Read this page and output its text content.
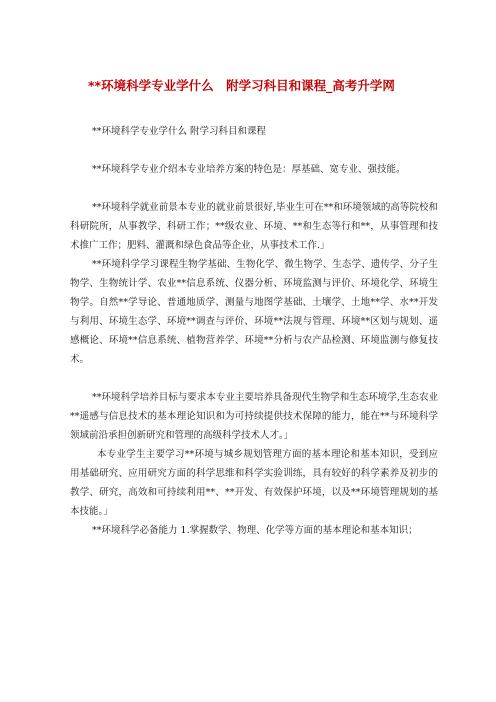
**环境科学专业学什么　附学习科目和课程_高考升学网

**环境科学专业学什么 附学习科目和课程

**环境科学专业介绍本专业培养方案的特色是：厚基础、宽专业、强技能。

**环境科学就业前景本专业的就业前景很好,毕业生可在**和环境领域的高等院校和科研院所，从事教学、科研工作；**级农业、环境、**和生态等行和**，从事管理和技术推广工作；肥料、灌溉和绿色食品等企业，从事技术工作.」

**环境科学学习课程生物学基础、生物化学、微生物学、生态学、遗传学、分子生物学、生物统计学、农业**信息系统、仪器分析、环境监测与评价、环境化学、环境生物学。自然**学导论、普通地质学、测量与地图学基础、土壤学、土地**学、水**开发与利用、环境生态学、环境**调查与评价、环境**法规与管理、环境**区划与规划、遥感概论、环境**信息系统、植物营养学、环境**分析与农产品检测、环境监测与修复技术。

**环境科学培养目标与要求本专业主要培养具备现代生物学和生态环境学,生态农业**遥感与信息技术的基本理论知识和为可持续提供技术保障的能力，能在**与环境科学领域前沿承担创新研究和管理的高级科学技术人才。」

本专业学生主要学习**环境与城乡规划管理方面的基本理论和基本知识，受到应用基础研究、应用研究方面的科学思维和科学实验训练，具有较好的科学素养及初步的教学、研究，高效和可持续利用**、**开发、有效保护环境，以及**环境管理规划的基本技能。」

**环境科学必备能力 1.掌握数学、物理、化学等方面的基本理论和基本知识；
